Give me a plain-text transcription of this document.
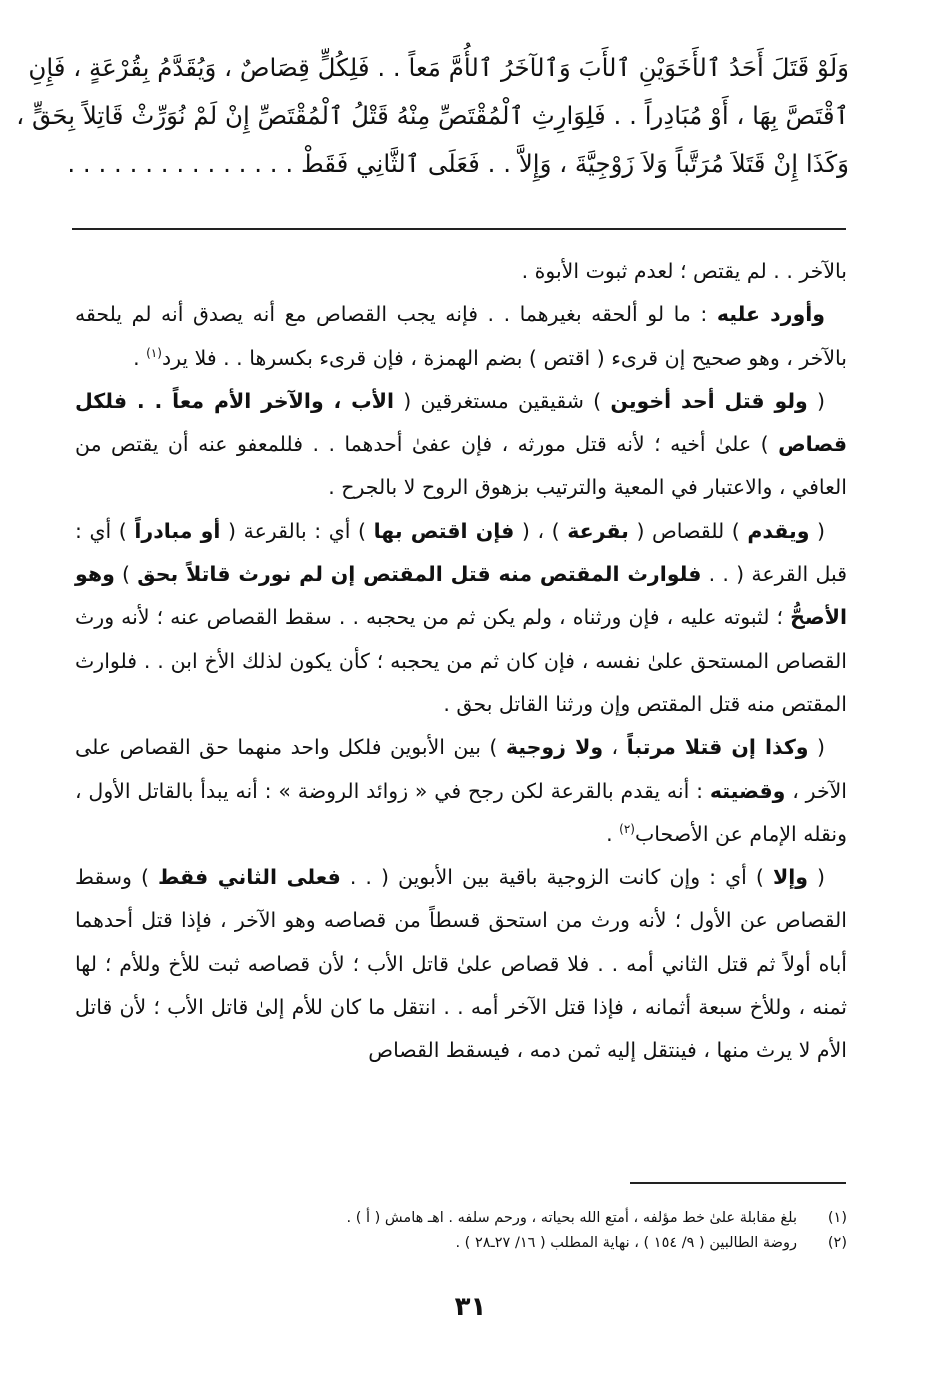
وَلَوْ قَتَلَ أَحَدُ ٱلأَخَوَيْنِ ٱلأَبَ وَٱلآخَرُ ٱلأُمَّ مَعاً . . فَلِكُلٍّ قِصَاصٌ ، وَيُقَدَّمُ بِقُرْعَةٍ ، فَإِنِ
ٱقْتَصَّ بِهَا ، أَوْ مُبَادِراً . . فَلِوَارِثِ ٱلْمُقْتَصِّ مِنْهُ قَتْلُ ٱلْمُقْتَصِّ إِنْ لَمْ نُوَرِّثْ قَاتِلاً بِحَقٍّ ،
وَكَذَا إِنْ قَتَلاَ مُرَتَّباً وَلاَ زَوْجِيَّةَ ، وَإِلاَّ . . فَعَلَى ٱلثَّانِي فَقَطْ . . . . . . . . . . . . . . .

بالآخر . . لم يقتص ؛ لعدم ثبوت الأبوة .

وأورد عليه : ما لو ألحقه بغيرهما . . فإنه يجب القصاص مع أنه يصدق أنه لم يلحقه بالآخر ، وهو صحيح إن قرىء ( اقتص ) بضم الهمزة ، فإن قرىء بكسرها . . فلا يرد$^{(١)}$ .

( ولو قتل أحد أخوين ) شقيقين مستغرقين ( الأب ، والآخر الأم معاً . . فلكل قصاص ) علىٰ أخيه ؛ لأنه قتل مورثه ، فإن عفىٰ أحدهما . . فللمعفو عنه أن يقتص من العافي ، والاعتبار في المعية والترتيب بزهوق الروح لا بالجرح .

( ويقدم ) للقصاص ( بقرعة ) ، ( فإن اقتص بها ) أي : بالقرعة ( أو مبادراً ) أي : قبل القرعة ( . . فلوارث المقتص منه قتل المقتص إن لم نورث قاتلاً بحق ) وهو الأصحُّ ؛ لثبوته عليه ، فإن ورثناه ، ولم يكن ثم من يحجبه . . سقط القصاص عنه ؛ لأنه ورث القصاص المستحق علىٰ نفسه ، فإن كان ثم من يحجبه ؛ كأن يكون لذلك الأخ ابن . . فلوارث المقتص منه قتل المقتص وإن ورثنا القاتل بحق .

( وكذا إن قتلا مرتباً ، ولا زوجية ) بين الأبوين فلكل واحد منهما حق القصاص على الآخر ، وقضيته : أنه يقدم بالقرعة لكن رجح في « زوائد الروضة » : أنه يبدأ بالقاتل الأول ، ونقله الإمام عن الأصحاب$^{(٢)}$ .

( وإلا ) أي : وإن كانت الزوجية باقية بين الأبوين ( . . فعلى الثاني فقط ) وسقط القصاص عن الأول ؛ لأنه ورث من استحق قسطاً من قصاصه وهو الآخر ، فإذا قتل أحدهما أباه أولاً ثم قتل الثاني أمه . . فلا قصاص علىٰ قاتل الأب ؛ لأن قصاصه ثبت للأخ وللأم ؛ لها ثمنه ، وللأخ سبعة أثمانه ، فإذا قتل الآخر أمه . . انتقل ما كان للأم إلىٰ قاتل الأب ؛ لأن قاتل الأم لا يرث منها ، فينتقل إليه ثمن دمه ، فيسقط القصاص

(١)
بلغ مقابلة علىٰ خط مؤلفه ، أمتع الله بحياته ، ورحم سلفه . اهـ هامش ( أ ) .
(٢)
روضة الطالبين ( ٩/ ١٥٤ ) ، نهاية المطلب ( ١٦/ ٢٧ـ٢٨ ) .
٣١
